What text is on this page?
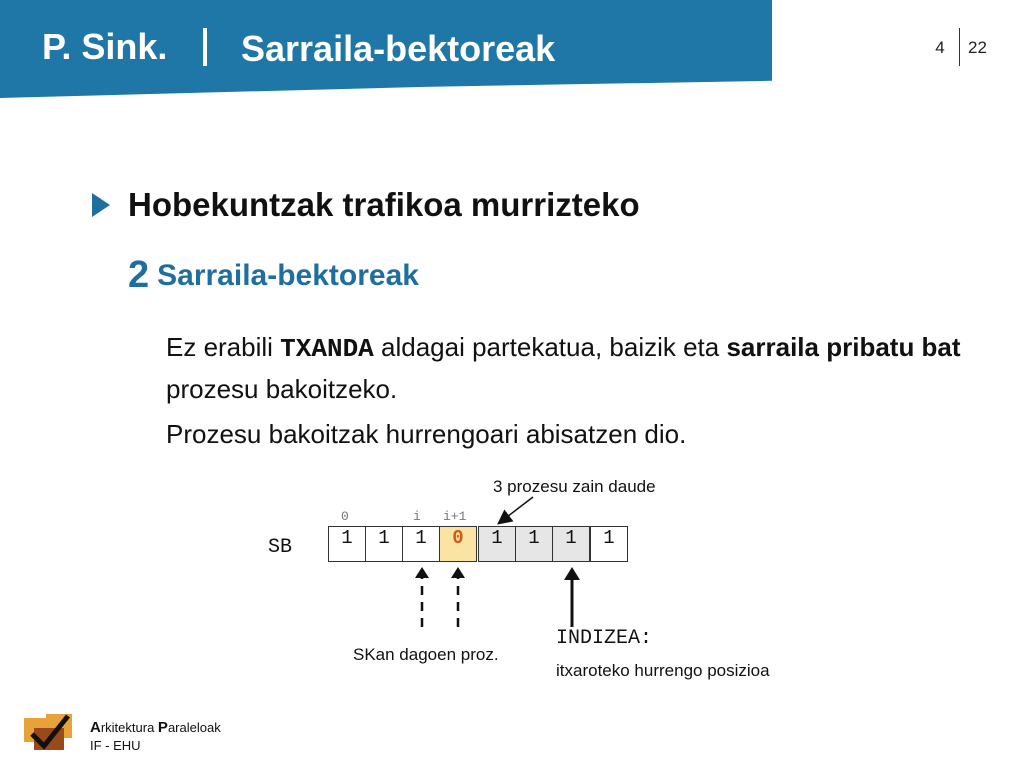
P. Sink. Sarraila-bektoreak	4	22
Hobekuntzak trafikoa murrizteko
2 Sarraila-bektoreak
Ez erabili TXANDA aldagai partekatua, baizik eta sarraila pribatu bat prozesu bakoitzeko.
Prozesu bakoitzak hurrengoari abisatzen dio.
3 prozesu zain daude
0	i i+1
SB	1	1	1	0	1	1	1	1
SKan dagoen proz.
INDIZEA:
itxaroteko hurrengo posizioa
Arkitektura Paraleloak
IF - EHU
